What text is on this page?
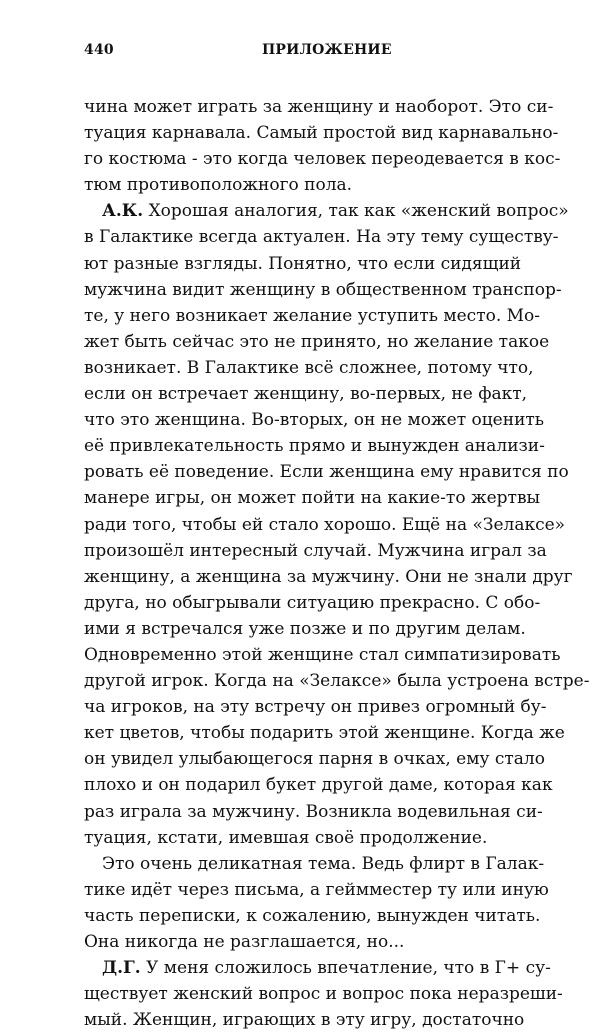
440	ПРИЛОЖЕНИЕ
чина может играть за женщину и наоборот. Это си-
туация карнавала. Самый простой вид карнавально-
го костюма - это когда человек переодевается в кос-
тюм противоположного пола.
А.К. Хорошая аналогия, так как «женский вопрос»
в Галактике всегда актуален. На эту тему существу-
ют разные взгляды. Понятно, что если сидящий
мужчина видит женщину в общественном транспор-
те, у него возникает желание уступить место. Мо-
жет быть сейчас это не принято, но желание такое
возникает. В Галактике всё сложнее, потому что,
если он встречает женщину, во-первых, не факт,
что это женщина. Во-вторых, он не может оценить
её привлекательность прямо и вынужден анализи-
ровать её поведение. Если женщина ему нравится по
манере игры, он может пойти на какие-то жертвы
ради того, чтобы ей стало хорошо. Ещё на «Зелаксе»
произошёл интересный случай. Мужчина играл за
женщину, а женщина за мужчину. Они не знали друг
друга, но обыгрывали ситуацию прекрасно. С обо-
ими я встречался уже позже и по другим делам.
Одновременно этой женщине стал симпатизировать
другой игрок. Когда на «Зелаксе» была устроена встре-
ча игроков, на эту встречу он привез огромный бу-
кет цветов, чтобы подарить этой женщине. Когда же
он увидел улыбающегося парня в очках, ему стало
плохо и он подарил букет другой даме, которая как
раз играла за мужчину. Возникла водевильная си-
туация, кстати, имевшая своё продолжение.
Это очень деликатная тема. Ведь флирт в Галак-
тике идёт через письма, а геймместер ту или иную
часть переписки, к сожалению, вынужден читать.
Она никогда не разглашается, но...
Д.Г. У меня сложилось впечатление, что в Г+ су-
ществует женский вопрос и вопрос пока неразреши-
мый. Женщин, играющих в эту игру, достаточно
